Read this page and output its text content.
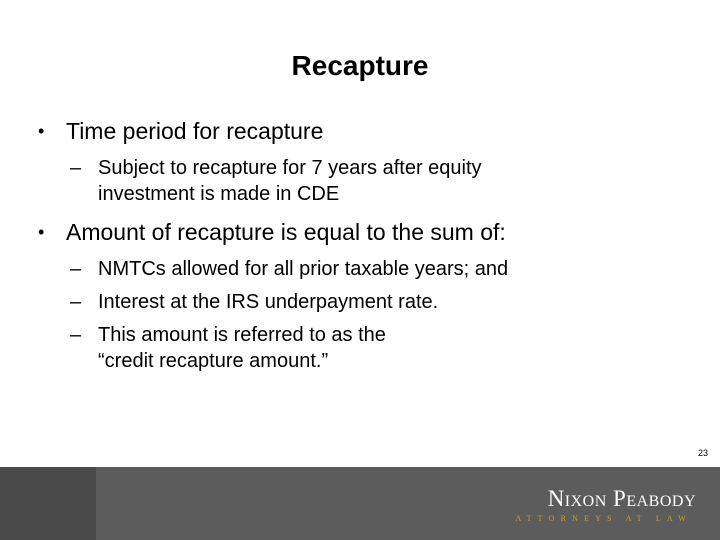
Recapture
• Time period for recapture
– Subject to recapture for 7 years after equity
investment is made in CDE
• Amount of recapture is equal to the sum of:
– NMTCs allowed for all prior taxable years; and
– Interest at the IRS underpayment rate.
– This amount is referred to as the
“credit recapture amount.”
23
Nixon Peabody
ATTORNEYS AT LAW
